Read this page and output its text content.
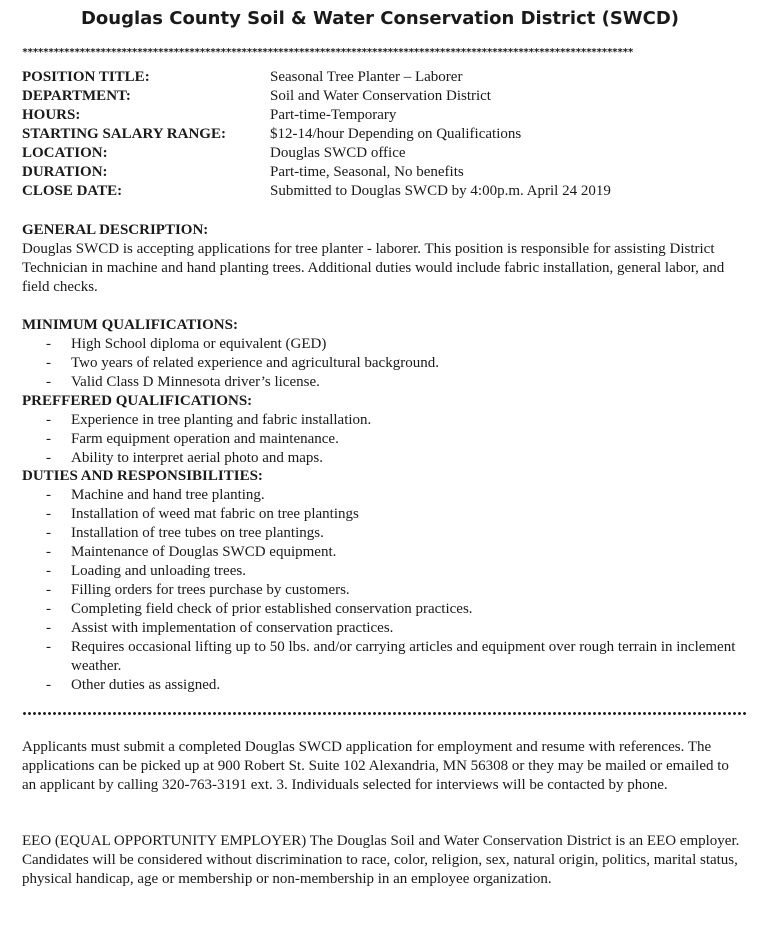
Douglas County Soil & Water Conservation District (SWCD)
*********************************************************************************************************************
POSITION TITLE:	Seasonal Tree Planter – Laborer
DEPARTMENT:	Soil and Water Conservation District
HOURS:	Part-time-Temporary
STARTING SALARY RANGE:	$12-14/hour Depending on Qualifications
LOCATION:	Douglas SWCD office
DURATION:	Part-time, Seasonal, No benefits
CLOSE DATE:	Submitted to Douglas SWCD by 4:00p.m. April 24 2019
GENERAL DESCRIPTION:

Douglas SWCD is accepting applications for tree planter - laborer. This position is responsible for assisting District Technician in machine and hand planting trees. Additional duties would include fabric installation, general labor, and field checks.

MINIMUM QUALIFICATIONS:
- High School diploma or equivalent (GED)
- Two years of related experience and agricultural background.
- Valid Class D Minnesota driver’s license.
PREFFERED QUALIFICATIONS:
- Experience in tree planting and fabric installation.
- Farm equipment operation and maintenance.
- Ability to interpret aerial photo and maps.
DUTIES AND RESPONSIBILITIES:
- Machine and hand tree planting.
- Installation of weed mat fabric on tree plantings
- Installation of tree tubes on tree plantings.
- Maintenance of Douglas SWCD equipment.
- Loading and unloading trees.
- Filling orders for trees purchase by customers.
- Completing field check of prior established conservation practices.
- Assist with implementation of conservation practices.
- Requires occasional lifting up to 50 lbs. and/or carrying articles and equipment over rough terrain in inclement weather.
- Other duties as assigned.

Applicants must submit a completed Douglas SWCD application for employment and resume with references. The applications can be picked up at 900 Robert St. Suite 102 Alexandria, MN 56308 or they may be mailed or emailed to an applicant by calling 320-763-3191 ext. 3. Individuals selected for interviews will be contacted by phone.

EEO (EQUAL OPPORTUNITY EMPLOYER) The Douglas Soil and Water Conservation District is an EEO employer. Candidates will be considered without discrimination to race, color, religion, sex, natural origin, politics, marital status, physical handicap, age or membership or non-membership in an employee organization.
